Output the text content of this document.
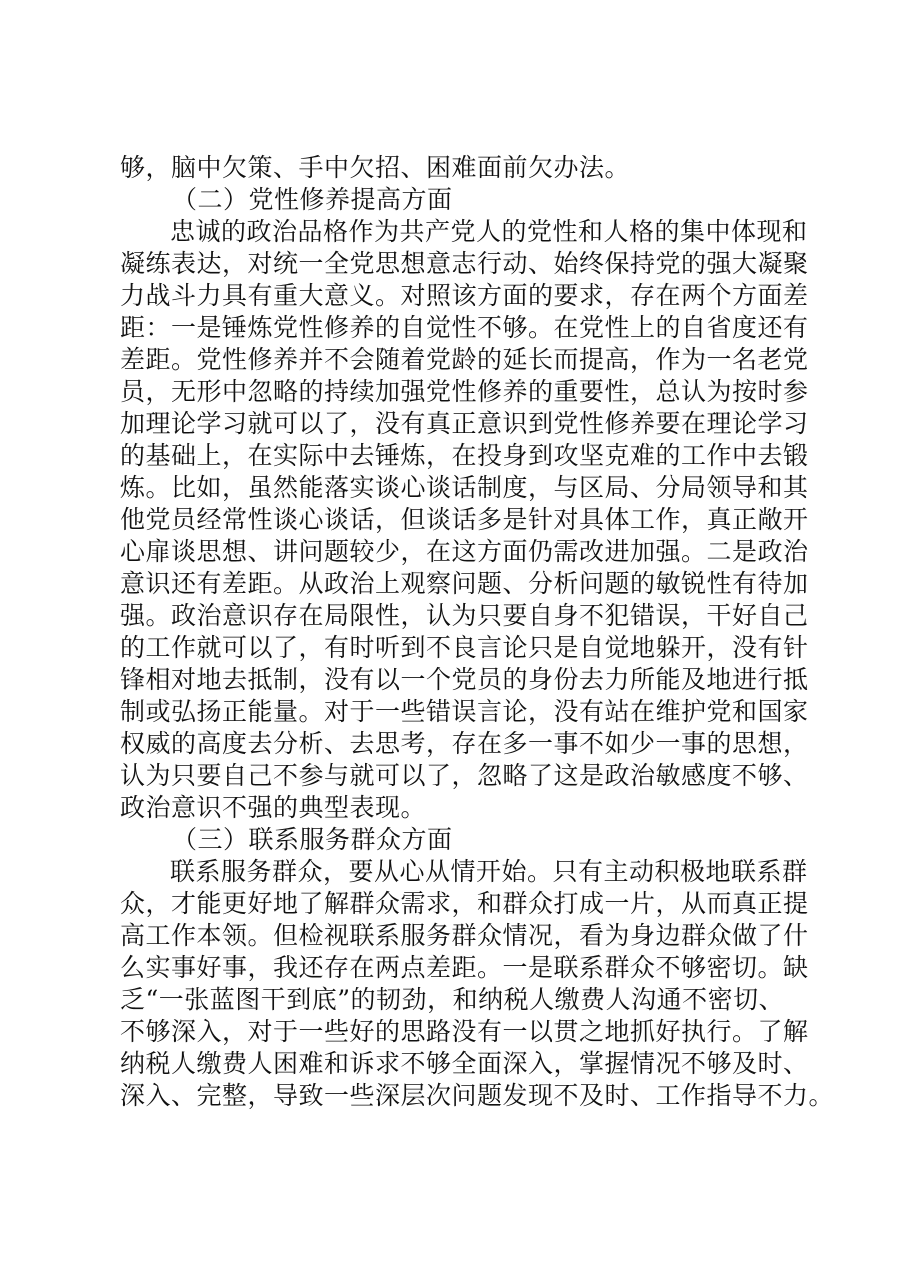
够，脑中欠策、手中欠招、困难面前欠办法。
（二）党性修养提高方面
忠诚的政治品格作为共产党人的党性和人格的集中体现和
凝练表达，对统一全党思想意志行动、始终保持党的强大凝聚
力战斗力具有重大意义。对照该方面的要求，存在两个方面差
距：一是锤炼党性修养的自觉性不够。在党性上的自省度还有
差距。党性修养并不会随着党龄的延长而提高，作为一名老党
员，无形中忽略的持续加强党性修养的重要性，总认为按时参
加理论学习就可以了，没有真正意识到党性修养要在理论学习
的基础上，在实际中去锤炼，在投身到攻坚克难的工作中去锻
炼。比如，虽然能落实谈心谈话制度，与区局、分局领导和其
他党员经常性谈心谈话，但谈话多是针对具体工作，真正敞开
心扉谈思想、讲问题较少，在这方面仍需改进加强。二是政治
意识还有差距。从政治上观察问题、分析问题的敏锐性有待加
强。政治意识存在局限性，认为只要自身不犯错误，干好自己
的工作就可以了，有时听到不良言论只是自觉地躲开，没有针
锋相对地去抵制，没有以一个党员的身份去力所能及地进行抵
制或弘扬正能量。对于一些错误言论，没有站在维护党和国家
权威的高度去分析、去思考，存在多一事不如少一事的思想，
认为只要自己不参与就可以了，忽略了这是政治敏感度不够、
政治意识不强的典型表现。
（三）联系服务群众方面
联系服务群众，要从心从情开始。只有主动积极地联系群
众，才能更好地了解群众需求，和群众打成一片，从而真正提
高工作本领。但检视联系服务群众情况，看为身边群众做了什
么实事好事，我还存在两点差距。一是联系群众不够密切。缺
乏“一张蓝图干到底”的韧劲，和纳税人缴费人沟通不密切、
不够深入，对于一些好的思路没有一以贯之地抓好执行。了解
纳税人缴费人困难和诉求不够全面深入，掌握情况不够及时、
深入、完整，导致一些深层次问题发现不及时、工作指导不力。
